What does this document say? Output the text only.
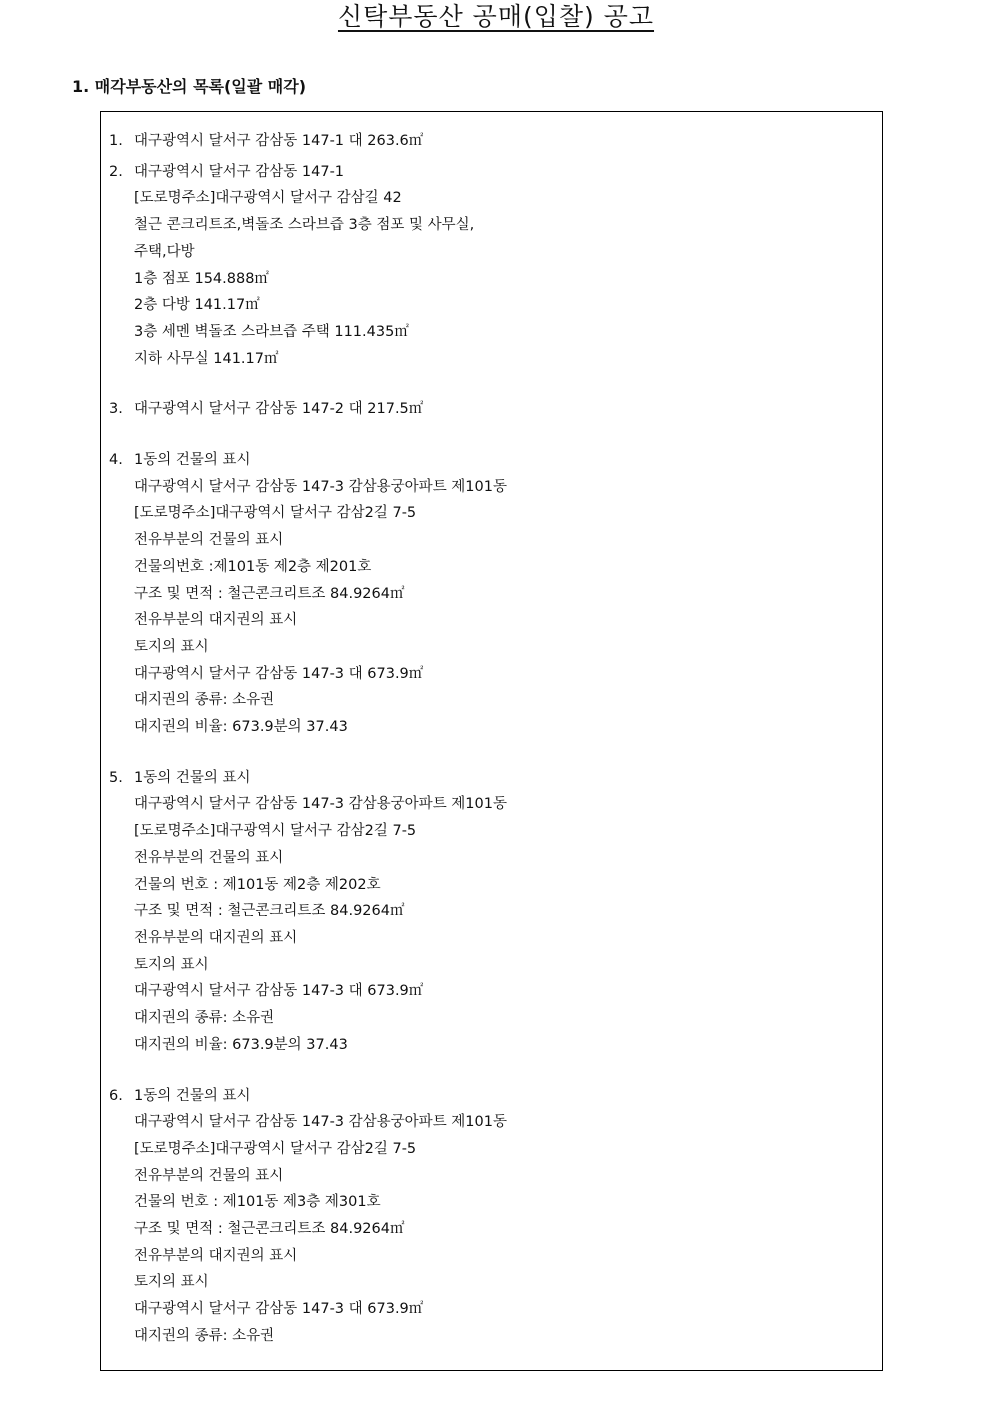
신탁부동산 공매(입찰) 공고
1. 매각부동산의 목록(일괄 매각)
1. 대구광역시 달서구 감삼동 147-1 대 263.6㎡
2. 대구광역시 달서구 감삼동 147-1
[도로명주소]대구광역시 달서구 감삼길 42
철근 콘크리트조,벽돌조 스라브즙 3층 점포 및 사무실,
주택,다방
1층 점포 154.888㎡
2층 다방 141.17㎡
3층 세멘 벽돌조 스라브즙 주택 111.435㎡
지하 사무실 141.17㎡
3. 대구광역시 달서구 감삼동 147-2 대 217.5㎡
4. 1동의 건물의 표시
대구광역시 달서구 감삼동 147-3 감삼용궁아파트 제101동
[도로명주소]대구광역시 달서구 감삼2길 7-5
전유부분의 건물의 표시
건물의번호 :제101동 제2층 제201호
구조 및 면적 : 철근콘크리트조 84.9264㎡
전유부분의 대지권의 표시
토지의 표시
대구광역시 달서구 감삼동 147-3 대 673.9㎡
대지권의 종류: 소유권
대지권의 비율: 673.9분의 37.43
5. 1동의 건물의 표시
대구광역시 달서구 감삼동 147-3 감삼용궁아파트 제101동
[도로명주소]대구광역시 달서구 감삼2길 7-5
전유부분의 건물의 표시
건물의 번호 : 제101동 제2층 제202호
구조 및 면적 : 철근콘크리트조 84.9264㎡
전유부분의 대지권의 표시
토지의 표시
대구광역시 달서구 감삼동 147-3 대 673.9㎡
대지권의 종류: 소유권
대지권의 비율: 673.9분의 37.43
6. 1동의 건물의 표시
대구광역시 달서구 감삼동 147-3 감삼용궁아파트 제101동
[도로명주소]대구광역시 달서구 감삼2길 7-5
전유부분의 건물의 표시
건물의 번호 : 제101동 제3층 제301호
구조 및 면적 : 철근콘크리트조 84.9264㎡
전유부분의 대지권의 표시
토지의 표시
대구광역시 달서구 감삼동 147-3 대 673.9㎡
대지권의 종류: 소유권
